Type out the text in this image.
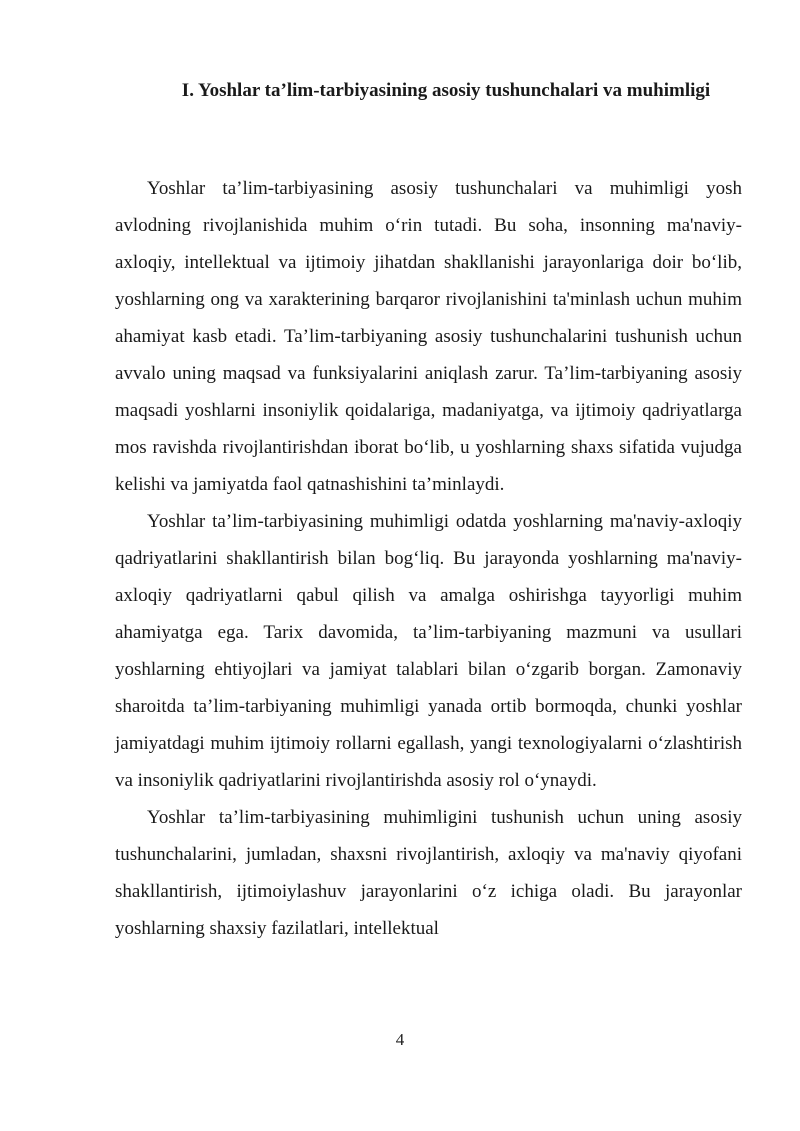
I. Yoshlar ta’lim-tarbiyasining asosiy tushunchalari va muhimligi

Yoshlar ta’lim-tarbiyasining asosiy tushunchalari va muhimligi yosh avlodning rivojlanishida muhim o‘rin tutadi. Bu soha, insonning ma'naviy-axloqiy, intellektual va ijtimoiy jihatdan shakllanishi jarayonlariga doir bo‘lib, yoshlarning ong va xarakterining barqaror rivojlanishini ta'minlash uchun muhim ahamiyat kasb etadi. Ta’lim-tarbiyaning asosiy tushunchalarini tushunish uchun avvalo uning maqsad va funksiyalarini aniqlash zarur. Ta’lim-tarbiyaning asosiy maqsadi yoshlarni insoniylik qoidalariga, madaniyatga, va ijtimoiy qadriyatlarga mos ravishda rivojlantirishdan iborat bo‘lib, u yoshlarning shaxs sifatida vujudga kelishi va jamiyatda faol qatnashishini ta’minlaydi.

Yoshlar ta’lim-tarbiyasining muhimligi odatda yoshlarning ma'naviy-axloqiy qadriyatlarini shakllantirish bilan bog‘liq. Bu jarayonda yoshlarning ma'naviy-axloqiy qadriyatlarni qabul qilish va amalga oshirishga tayyorligi muhim ahamiyatga ega. Tarix davomida, ta’lim-tarbiyaning mazmuni va usullari yoshlarning ehtiyojlari va jamiyat talablari bilan o‘zgarib borgan. Zamonaviy sharoitda ta’lim-tarbiyaning muhimligi yanada ortib bormoqda, chunki yoshlar jamiyatdagi muhim ijtimoiy rollarni egallash, yangi texnologiyalarni o‘zlashtirish va insoniylik qadriyatlarini rivojlantirishda asosiy rol o‘ynaydi.

Yoshlar ta’lim-tarbiyasining muhimligini tushunish uchun uning asosiy tushunchalarini, jumladan, shaxsni rivojlantirish, axloqiy va ma'naviy qiyofani shakllantirish, ijtimoiylashuv jarayonlarini o‘z ichiga oladi. Bu jarayonlar yoshlarning shaxsiy fazilatlari, intellektual

4
